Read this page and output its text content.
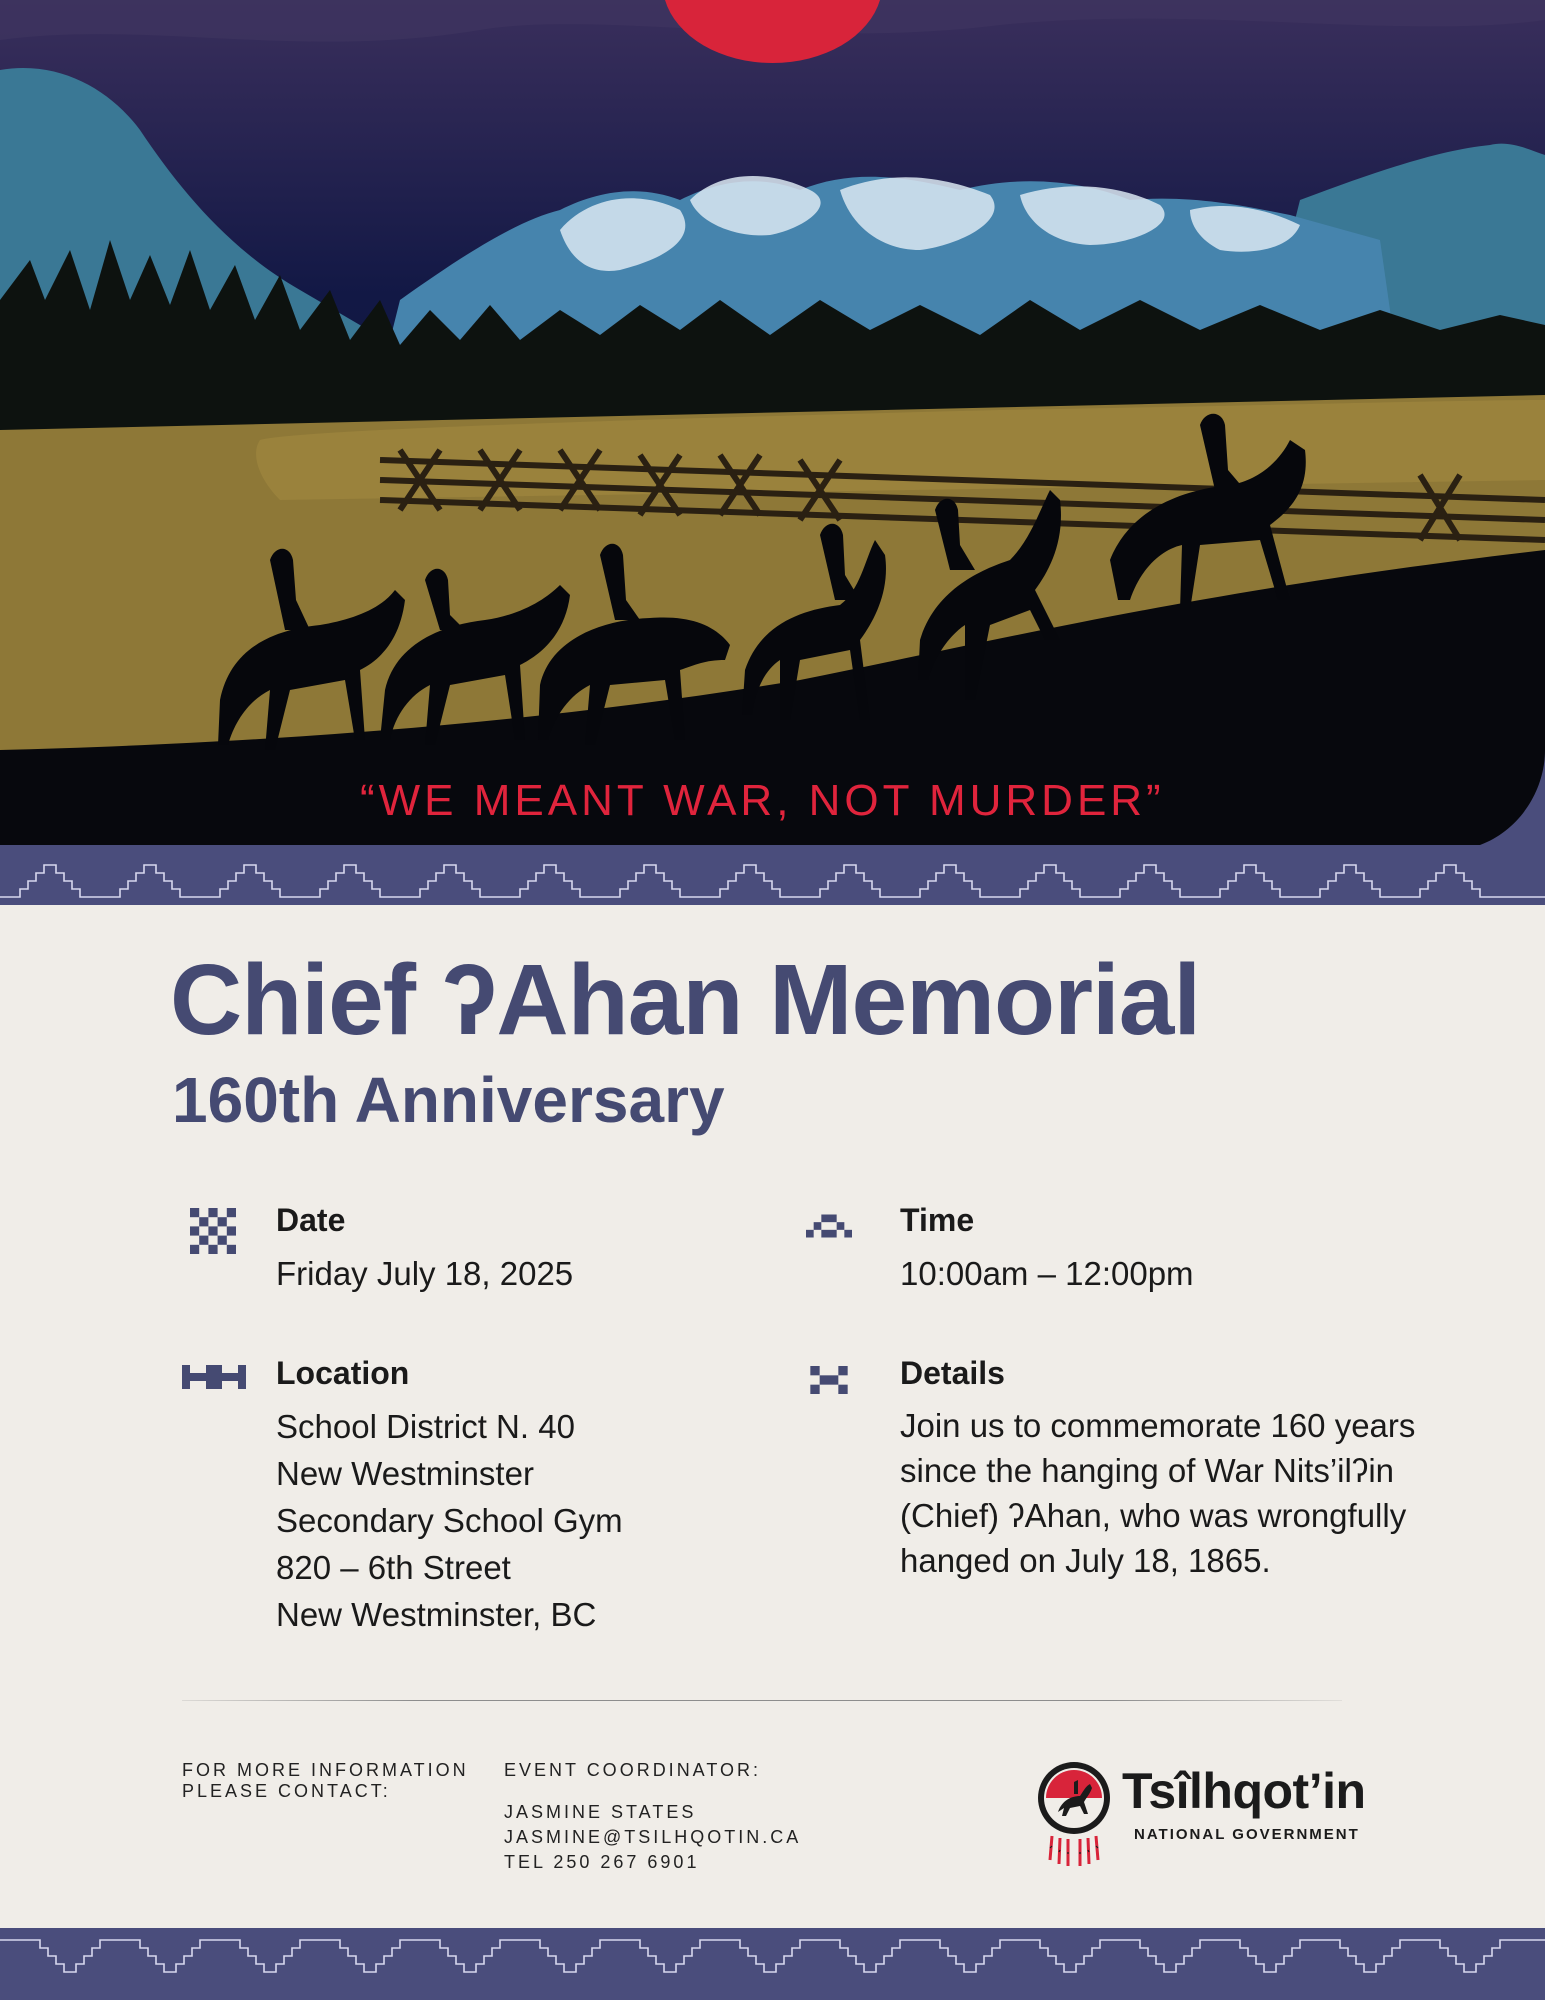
“WE MEANT WAR, NOT MURDER”
Chief ʔAhan Memorial
160th Anniversary
Date
Friday July 18, 2025
Time
10:00am – 12:00pm
Location
School District N. 40
New Westminster
Secondary School Gym
820 – 6th Street
New Westminster, BC
Details
Join us to commemorate 160 years since the hanging of War Nits’ilʔin (Chief) ʔAhan, who was wrongfully hanged on July 18, 1865.
FOR MORE INFORMATION PLEASE CONTACT:
EVENT COORDINATOR:
JASMINE STATES
JASMINE@TSILHQOTIN.CA
TEL 250 267 6901
Tsîlhqot’in
NATIONAL GOVERNMENT
